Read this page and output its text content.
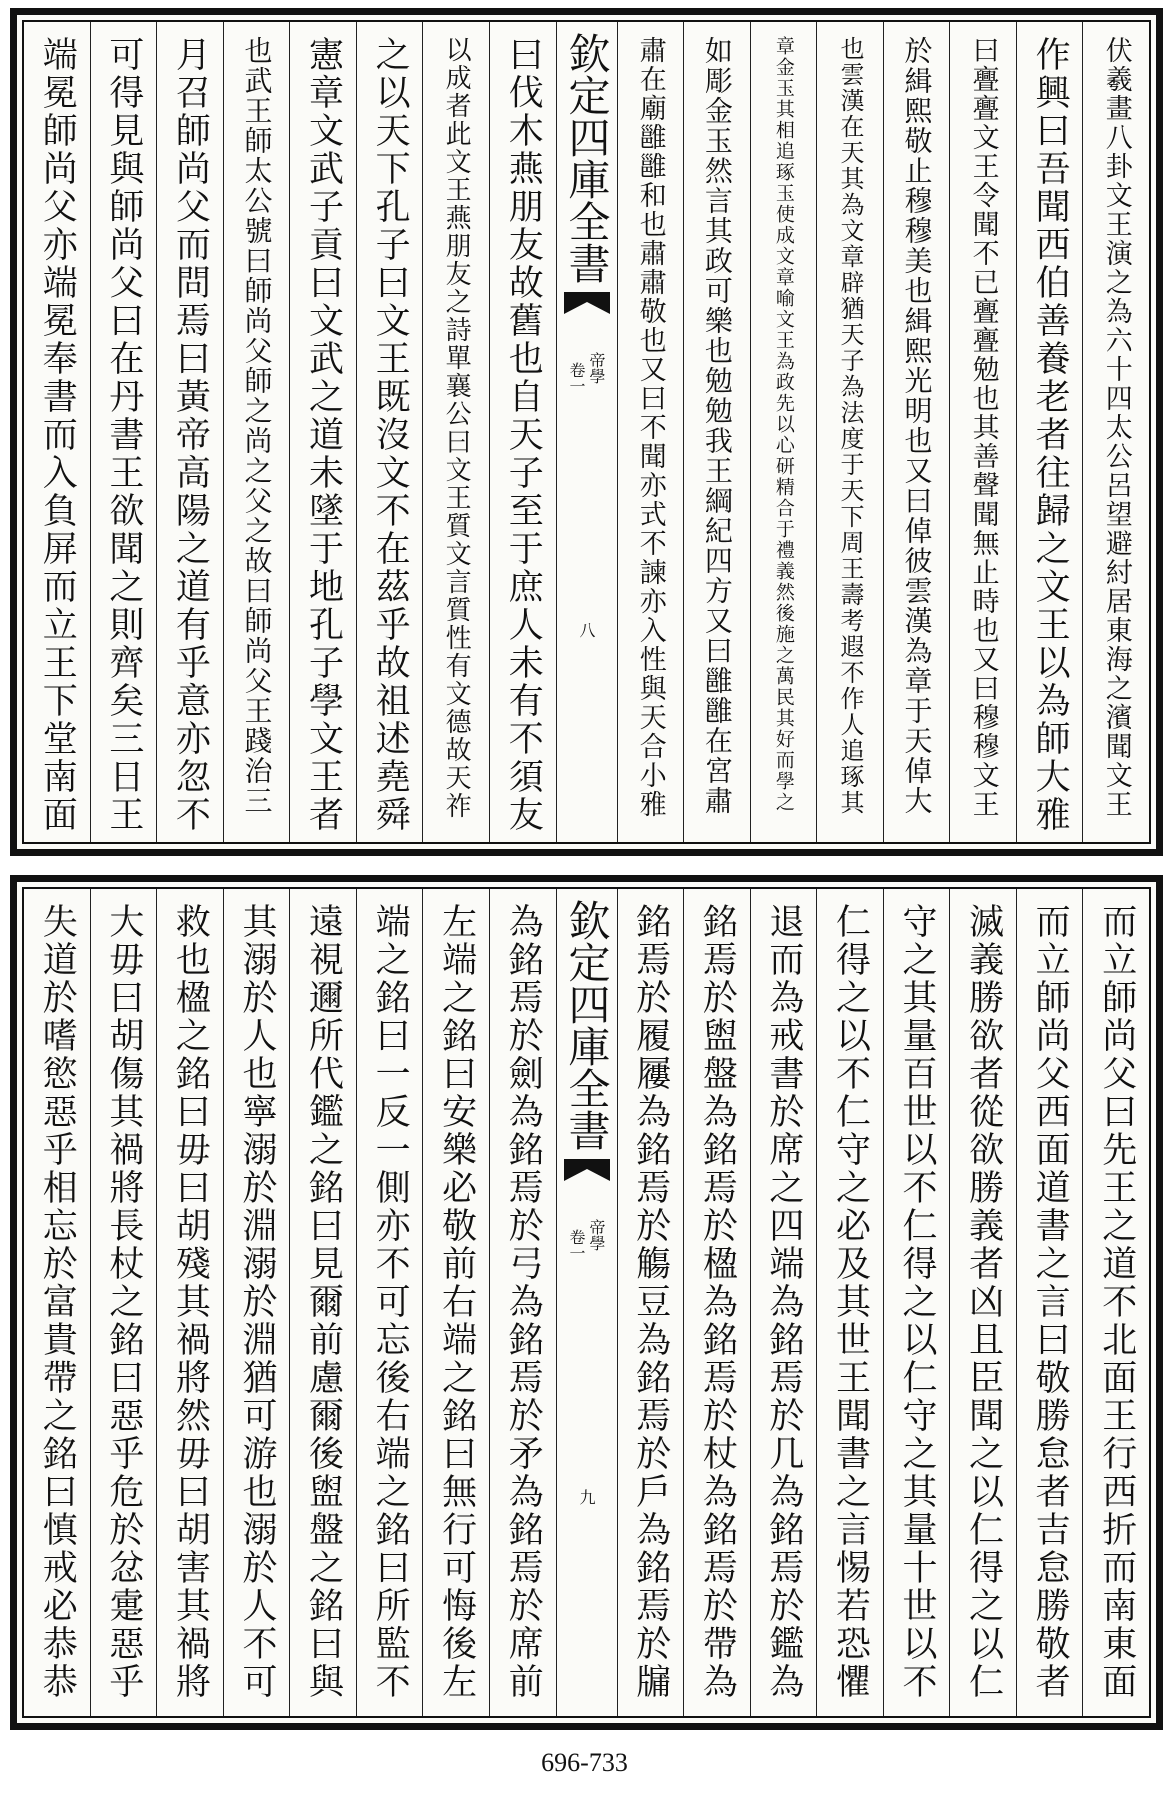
伏羲畫八卦文王演之為六十四太公呂望避紂居東海之濱聞文王
作興曰吾聞西伯善養老者往歸之文王以為師大雅
曰亹亹文王令聞不已亹亹勉也其善聲聞無止時也又曰穆穆文王
於緝熙敬止穆穆美也緝熙光明也又曰倬彼雲漢為章于天倬大
也雲漢在天其為文章辟猶天子為法度于天下周王壽考遐不作人追琢其
章金玉其相追琢玉使成文章喻文王為政先以心研精合于禮義然後施之萬民其好而學之
如彫金玉然言其政可樂也勉勉我王綱紀四方又曰雝雝在宮肅
肅在廟雝雝和也肅肅敬也又曰不聞亦式不諫亦入性與天合小雅
欽定四庫全書
帝學
卷一
八
曰伐木燕朋友故舊也自天子至于庶人未有不須友
以成者此文王燕朋友之詩單襄公曰文王質文言質性有文德故天祚
之以天下孔子曰文王既沒文不在茲乎故祖述堯舜
憲章文武子貢曰文武之道未墜于地孔子學文王者
也武王師太公號曰師尚父師之尚之父之故曰師尚父王踐治三
月召師尚父而問焉曰黃帝高陽之道有乎意亦忽不
可得見與師尚父曰在丹書王欲聞之則齊矣三日王
端冕師尚父亦端冕奉書而入負屏而立王下堂南面
而立師尚父曰先王之道不北面王行西折而南東面
而立師尚父西面道書之言曰敬勝怠者吉怠勝敬者
滅義勝欲者從欲勝義者凶且臣聞之以仁得之以仁
守之其量百世以不仁得之以仁守之其量十世以不
仁得之以不仁守之必及其世王聞書之言惕若恐懼
退而為戒書於席之四端為銘焉於几為銘焉於鑑為
銘焉於盥盤為銘焉於楹為銘焉於杖為銘焉於帶為
銘焉於履屨為銘焉於觴豆為銘焉於戶為銘焉於牖
欽定四庫全書
帝學
卷一
九
為銘焉於劍為銘焉於弓為銘焉於矛為銘焉於席前
左端之銘曰安樂必敬前右端之銘曰無行可悔後左
端之銘曰一反一側亦不可忘後右端之銘曰所監不
遠視邇所代鑑之銘曰見爾前慮爾後盥盤之銘曰與
其溺於人也寧溺於淵溺於淵猶可游也溺於人不可
救也楹之銘曰毋曰胡殘其禍將然毋曰胡害其禍將
大毋曰胡傷其禍將長杖之銘曰惡乎危於忿疐惡乎
失道於嗜慾惡乎相忘於富貴帶之銘曰慎戒必恭恭
696-733
